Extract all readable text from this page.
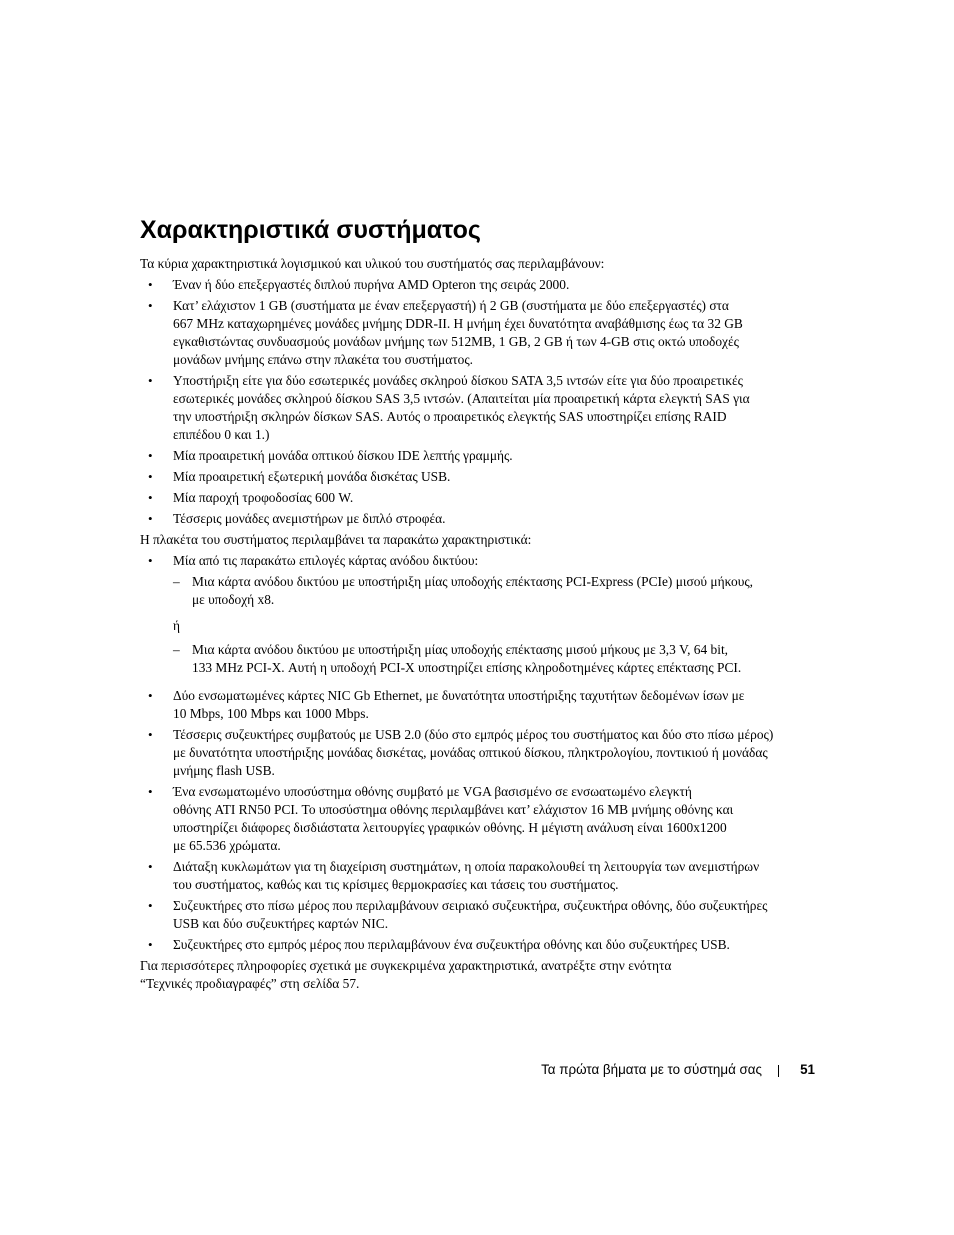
Χαρακτηριστικά συστήματος

Τα κύρια χαρακτηριστικά λογισμικού και υλικού του συστήματός σας περιλαμβάνουν:

• Έναν ή δύο επεξεργαστές διπλού πυρήνα AMD Opteron της σειράς 2000.
• Κατ’ ελάχιστον 1 GB (συστήματα με έναν επεξεργαστή) ή 2 GB (συστήματα με δύο επεξεργαστές) στα
667 MHz καταχωρημένες μονάδες μνήμης DDR-II. Η μνήμη έχει δυνατότητα αναβάθμισης έως τα 32 GB
εγκαθιστώντας συνδυασμούς μονάδων μνήμης των 512MB, 1 GB, 2 GB ή των 4-GB στις οκτώ υποδοχές
μονάδων μνήμης επάνω στην πλακέτα του συστήματος.
• Υποστήριξη είτε για δύο εσωτερικές μονάδες σκληρού δίσκου SATA 3,5 ιντσών είτε για δύο προαιρετικές
εσωτερικές μονάδες σκληρού δίσκου SAS 3,5 ιντσών. (Απαιτείται μία προαιρετική κάρτα ελεγκτή SAS για
την υποστήριξη σκληρών δίσκων SAS. Αυτός ο προαιρετικός ελεγκτής SAS υποστηρίζει επίσης RAID
επιπέδου 0 και 1.)
• Μία προαιρετική μονάδα οπτικού δίσκου IDE λεπτής γραμμής.
• Μία προαιρετική εξωτερική μονάδα δισκέτας USB.
• Μία παροχή τροφοδοσίας 600 W.
• Τέσσερις μονάδες ανεμιστήρων με διπλό στροφέα.

Η πλακέτα του συστήματος περιλαμβάνει τα παρακάτω χαρακτηριστικά:

• Μία από τις παρακάτω επιλογές κάρτας ανόδου δικτύου:
– Μια κάρτα ανόδου δικτύου με υποστήριξη μίας υποδοχής επέκτασης PCI-Express (PCIe) μισού μήκους,
με υποδοχή x8.
ή
– Μια κάρτα ανόδου δικτύου με υποστήριξη μίας υποδοχής επέκτασης μισού μήκους με 3,3 V, 64 bit,
133 MHz PCI-X. Αυτή η υποδοχή PCI-X υποστηρίζει επίσης κληροδοτημένες κάρτες επέκτασης PCI.
• Δύο ενσωματωμένες κάρτες NIC Gb Ethernet, με δυνατότητα υποστήριξης ταχυτήτων δεδομένων ίσων με
10 Mbps, 100 Mbps και 1000 Mbps.
• Τέσσερις συζευκτήρες συμβατούς με USB 2.0 (δύο στο εμπρός μέρος του συστήματος και δύο στο πίσω μέρος)
με δυνατότητα υποστήριξης μονάδας δισκέτας, μονάδας οπτικού δίσκου, πληκτρολογίου, ποντικιού ή μονάδας
μνήμης flash USB.
• Ένα ενσωματωμένο υποσύστημα οθόνης συμβατό με VGA βασισμένο σε ενσωατωμένο ελεγκτή
οθόνης ATI RN50 PCI. Το υποσύστημα οθόνης περιλαμβάνει κατ’ ελάχιστον 16 MB μνήμης οθόνης και
υποστηρίζει διάφορες δισδιάστατα λειτουργίες γραφικών οθόνης. Η μέγιστη ανάλυση είναι 1600x1200
με 65.536 χρώματα.
• Διάταξη κυκλωμάτων για τη διαχείριση συστημάτων, η οποία παρακολουθεί τη λειτουργία των ανεμιστήρων
του συστήματος, καθώς και τις κρίσιμες θερμοκρασίες και τάσεις του συστήματος.
• Συζευκτήρες στο πίσω μέρος που περιλαμβάνουν σειριακό συζευκτήρα, συζευκτήρα οθόνης, δύο συζευκτήρες
USB και δύο συζευκτήρες καρτών NIC.
• Συζευκτήρες στο εμπρός μέρος που περιλαμβάνουν ένα συζευκτήρα οθόνης και δύο συζευκτήρες USB.

Για περισσότερες πληροφορίες σχετικά με συγκεκριμένα χαρακτηριστικά, ανατρέξτε στην ενότητα
“Τεχνικές προδιαγραφές” στη σελίδα 57.

Τα πρώτα βήματα με το σύστημά σας	51
